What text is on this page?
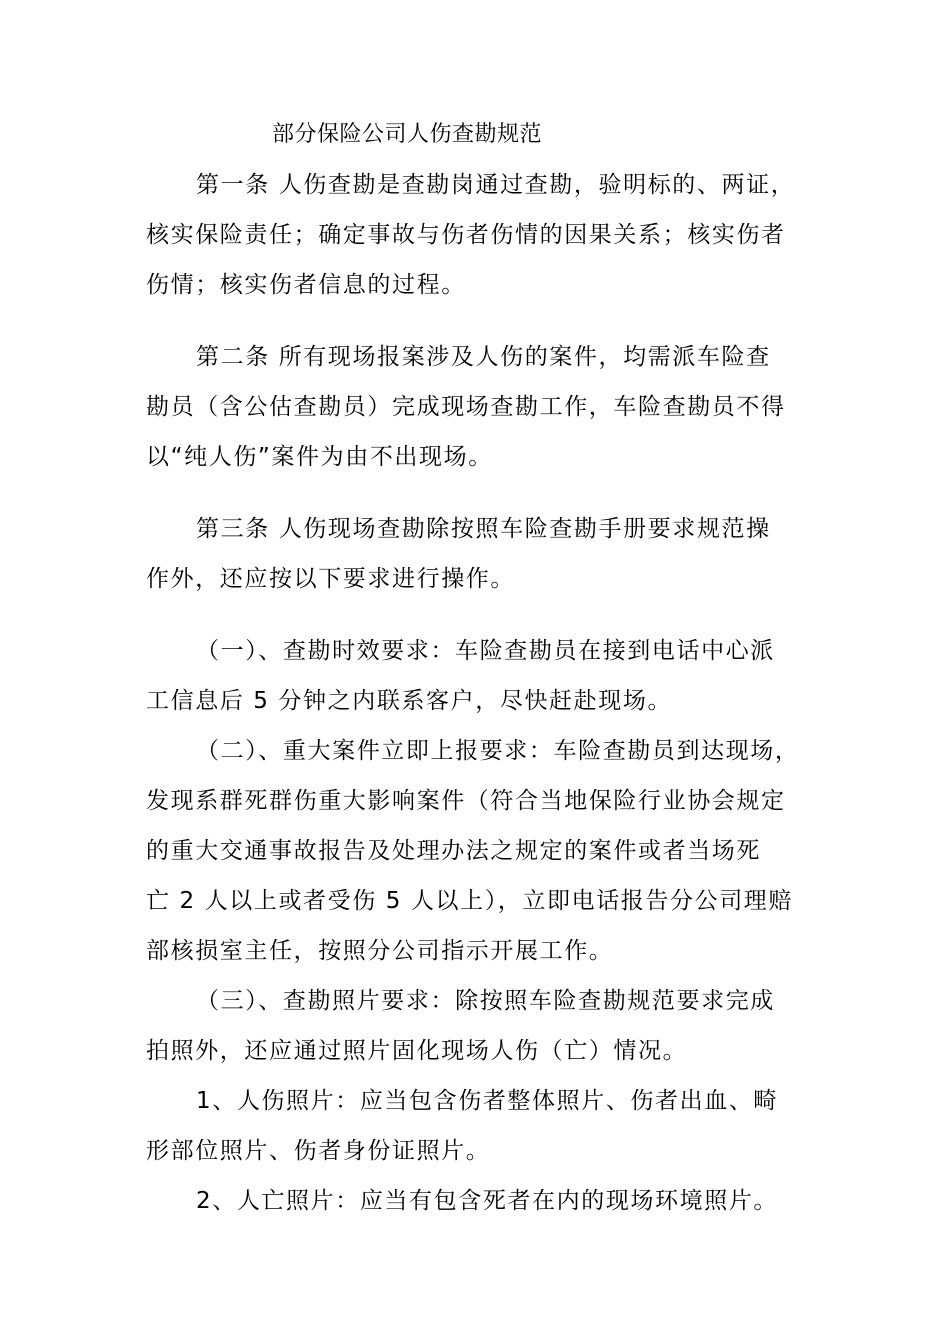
部分保险公司人伤查勘规范
第一条 人伤查勘是查勘岗通过查勘，验明标的、两证，
核实保险责任；确定事故与伤者伤情的因果关系；核实伤者
伤情；核实伤者信息的过程。
第二条 所有现场报案涉及人伤的案件，均需派车险查
勘员（含公估查勘员）完成现场查勘工作，车险查勘员不得
以“纯人伤”案件为由不出现场。
第三条 人伤现场查勘除按照车险查勘手册要求规范操
作外，还应按以下要求进行操作。
（一）、查勘时效要求：车险查勘员在接到电话中心派
工信息后 5 分钟之内联系客户，尽快赶赴现场。
（二）、重大案件立即上报要求：车险查勘员到达现场，
发现系群死群伤重大影响案件（符合当地保险行业协会规定
的重大交通事故报告及处理办法之规定的案件或者当场死
亡 2 人以上或者受伤 5 人以上），立即电话报告分公司理赔
部核损室主任，按照分公司指示开展工作。
（三）、查勘照片要求：除按照车险查勘规范要求完成
拍照外，还应通过照片固化现场人伤（亡）情况。
1、人伤照片：应当包含伤者整体照片、伤者出血、畸
形部位照片、伤者身份证照片。
2、人亡照片：应当有包含死者在内的现场环境照片。
